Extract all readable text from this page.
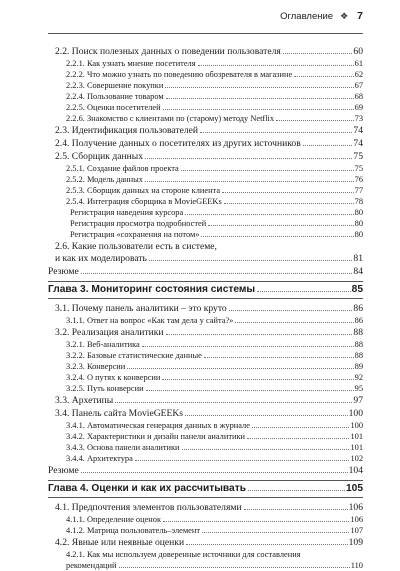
Оглавление ❖ 7
2.2. Поиск полезных данных о поведении пользователя	60
2.2.1. Как узнать мнение посетителя	61
2.2.2. Что можно узнать по поведению обозревателя в магазине	62
2.2.3. Совершение покупки	67
2.2.4. Пользование товаром	68
2.2.5. Оценки посетителей	69
2.2.6. Знакомство с клиентами по (старому) методу Netflix	73
2.3. Идентификация пользователей	74
2.4. Получение данных о посетителях из других источников	74
2.5. Сборщик данных	75
2.5.1. Создание файлов проекта	75
2.5.2. Модель данных	76
2.5.3. Сборщик данных на стороне клиента	77
2.5.4. Интеграция сборщика в MovieGEEKs	78
Регистрация наведения курсора	80
Регистрация просмотра подробностей	80
Регистрация «сохранения на потом»	80
2.6. Какие пользователи есть в системе,
и как их моделировать	81
Резюме	84
Глава 3. Мониторинг состояния системы	85
3.1. Почему панель аналитики – это круто	86
3.1.1. Ответ на вопрос «Как там дела у сайта?»	86
3.2. Реализация аналитики	88
3.2.1. Веб-аналитика	88
3.2.2. Базовые статистические данные	88
3.2.3. Конверсии	89
3.2.4. О путях к конверсии	92
3.2.5. Путь конверсии	95
3.3. Архетипы	97
3.4. Панель сайта MovieGEEKs	100
3.4.1. Автоматическая генерация данных в журнале	100
3.4.2. Характеристики и дизайн панели аналитики	101
3.4.3. Основа панели аналитики	101
3.4.4. Архитектура	102
Резюме	104
Глава 4. Оценки и как их рассчитывать	105
4.1. Предпочтения элементов пользователями	106
4.1.1. Определение оценок	106
4.1.2. Матрица пользователь–элемент	107
4.2. Явные или неявные оценки	109
4.2.1. Как мы используем доверенные источники для составления
рекомендаций	110
